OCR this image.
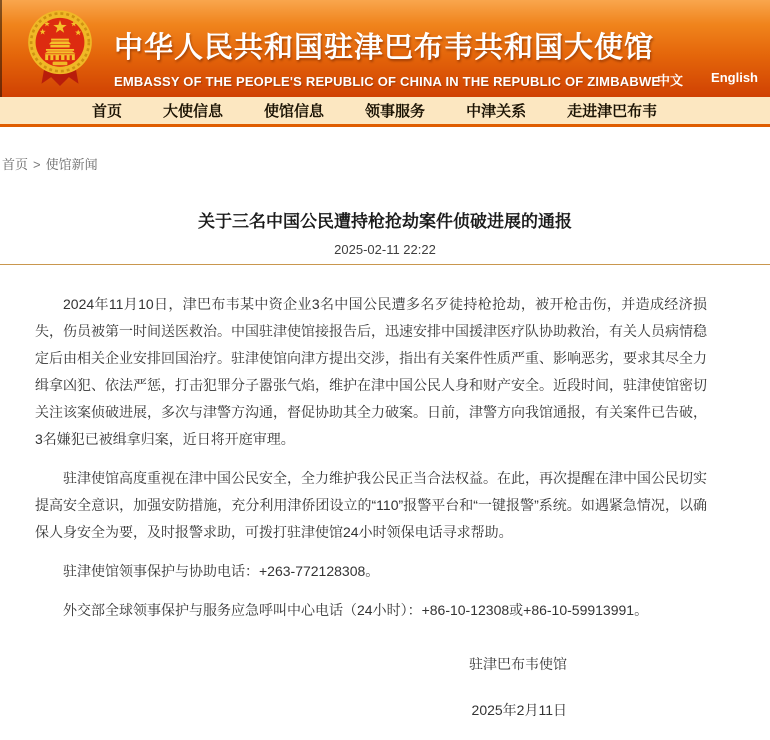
中华人民共和国驻津巴布韦共和国大使馆
EMBASSY OF THE PEOPLE'S REPUBLIC OF CHINA IN THE REPUBLIC OF ZIMBABWE
中文 English
首页	大使信息	使馆信息	领事服务	中津关系	走进津巴布韦
首页 > 使馆新闻
关于三名中国公民遭持枪抢劫案件侦破进展的通报
2025-02-11 22:22

2024年11月10日，津巴布韦某中资企业3名中国公民遭多名歹徒持枪抢劫，被开枪击伤，并造成经济损失，伤员被第一时间送医救治。中国驻津使馆接报告后，迅速安排中国援津医疗队协助救治，有关人员病情稳定后由相关企业安排回国治疗。驻津使馆向津方提出交涉，指出有关案件性质严重、影响恶劣，要求其尽全力缉拿凶犯、依法严惩，打击犯罪分子嚣张气焰，维护在津中国公民人身和财产安全。近段时间，驻津使馆密切关注该案侦破进展，多次与津警方沟通，督促协助其全力破案。日前，津警方向我馆通报，有关案件已告破，3名嫌犯已被缉拿归案，近日将开庭审理。

驻津使馆高度重视在津中国公民安全，全力维护我公民正当合法权益。在此，再次提醒在津中国公民切实提高安全意识，加强安防措施，充分利用津侨团设立的“110”报警平台和“一键报警”系统。如遇紧急情况，以确保人身安全为要，及时报警求助，可拨打驻津使馆24小时领保电话寻求帮助。

驻津使馆领事保护与协助电话：+263-772128308。

外交部全球领事保护与服务应急呼叫中心电话（24小时）：+86-10-12308或+86-10-59913991。

驻津巴布韦使馆
2025年2月11日
